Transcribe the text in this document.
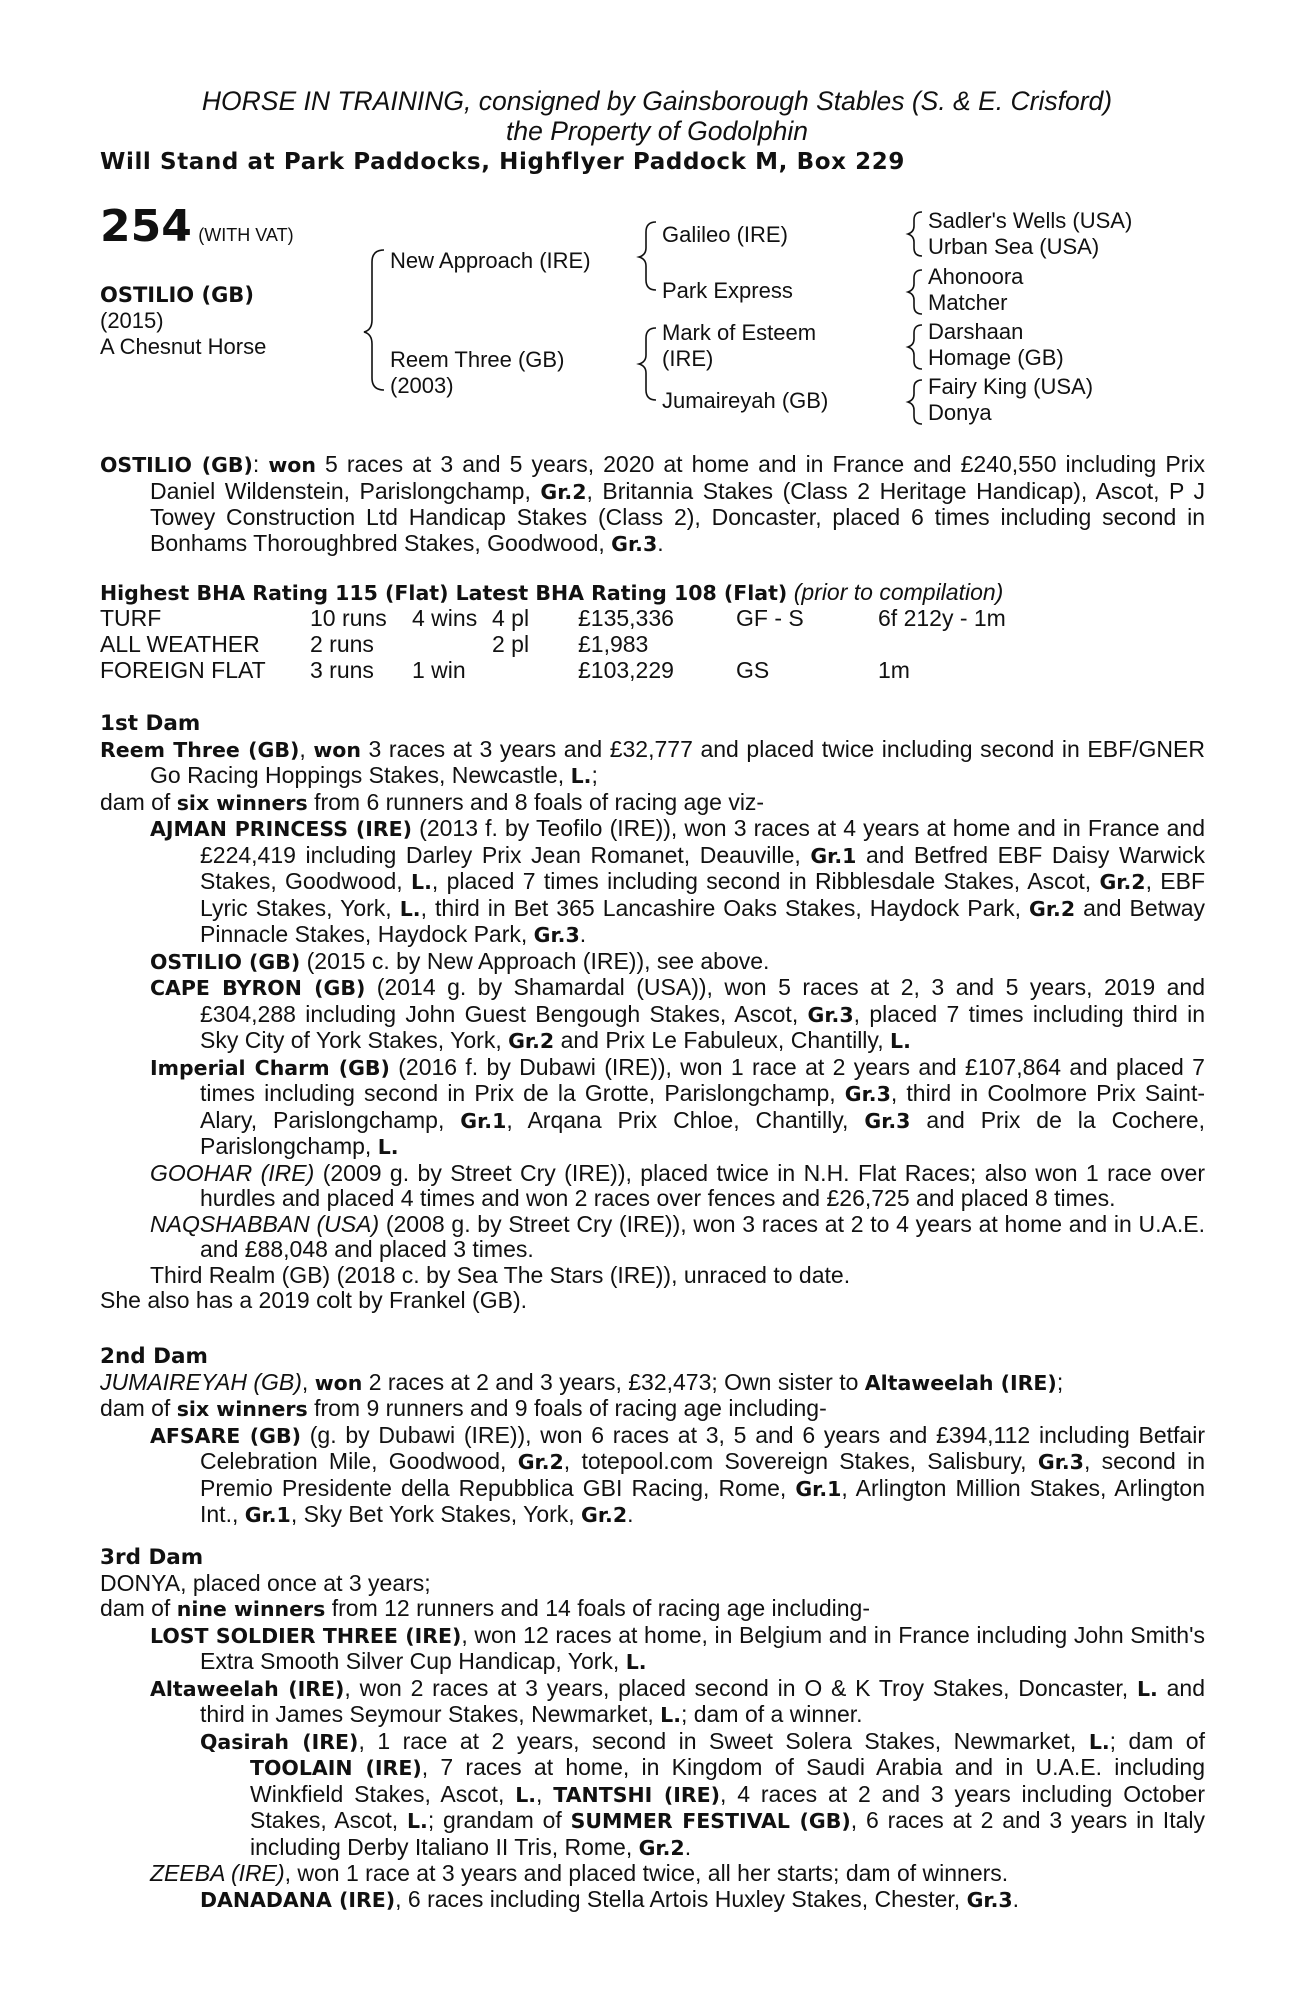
HORSE IN TRAINING, consigned by Gainsborough Stables (S. & E. Crisford)
the Property of Godolphin
Will Stand at Park Paddocks, Highflyer Paddock M, Box 229
254 (WITH VAT)
OSTILIO (GB)
(2015)
A Chesnut Horse
New Approach (IRE)
Reem Three (GB)
(2003)
Galileo (IRE)
Park Express
Mark of Esteem
(IRE)
Jumaireyah (GB)
Sadler's Wells (USA)
Urban Sea (USA)
Ahonoora
Matcher
Darshaan
Homage (GB)
Fairy King (USA)
Donya

OSTILIO (GB): won 5 races at 3 and 5 years, 2020 at home and in France and £240,550 including Prix Daniel Wildenstein, Parislongchamp, Gr.2, Britannia Stakes (Class 2 Heritage Handicap), Ascot, P J Towey Construction Ltd Handicap Stakes (Class 2), Doncaster, placed 6 times including second in Bonhams Thoroughbred Stakes, Goodwood, Gr.3.

Highest BHA Rating 115 (Flat) Latest BHA Rating 108 (Flat) (prior to compilation)

TURF	10 runs	4 wins	4 pl	£135,336	GF - S	6f 212y - 1m
ALL WEATHER	2 runs		2 pl	£1,983		
FOREIGN FLAT	3 runs	1 win		£103,229	GS	1m

1st Dam

Reem Three (GB), won 3 races at 3 years and £32,777 and placed twice including second in EBF/GNER Go Racing Hoppings Stakes, Newcastle, L.;

dam of six winners from 6 runners and 8 foals of racing age viz-

AJMAN PRINCESS (IRE) (2013 f. by Teofilo (IRE)), won 3 races at 4 years at home and in France and £224,419 including Darley Prix Jean Romanet, Deauville, Gr.1 and Betfred EBF Daisy Warwick Stakes, Goodwood, L., placed 7 times including second in Ribblesdale Stakes, Ascot, Gr.2, EBF Lyric Stakes, York, L., third in Bet 365 Lancashire Oaks Stakes, Haydock Park, Gr.2 and Betway Pinnacle Stakes, Haydock Park, Gr.3.

OSTILIO (GB) (2015 c. by New Approach (IRE)), see above.

CAPE BYRON (GB) (2014 g. by Shamardal (USA)), won 5 races at 2, 3 and 5 years, 2019 and £304,288 including John Guest Bengough Stakes, Ascot, Gr.3, placed 7 times including third in Sky City of York Stakes, York, Gr.2 and Prix Le Fabuleux, Chantilly, L.

Imperial Charm (GB) (2016 f. by Dubawi (IRE)), won 1 race at 2 years and £107,864 and placed 7 times including second in Prix de la Grotte, Parislongchamp, Gr.3, third in Coolmore Prix Saint-Alary, Parislongchamp, Gr.1, Arqana Prix Chloe, Chantilly, Gr.3 and Prix de la Cochere, Parislongchamp, L.

GOOHAR (IRE) (2009 g. by Street Cry (IRE)), placed twice in N.H. Flat Races; also won 1 race over hurdles and placed 4 times and won 2 races over fences and £26,725 and placed 8 times.

NAQSHABBAN (USA) (2008 g. by Street Cry (IRE)), won 3 races at 2 to 4 years at home and in U.A.E. and £88,048 and placed 3 times.

Third Realm (GB) (2018 c. by Sea The Stars (IRE)), unraced to date.

She also has a 2019 colt by Frankel (GB).

2nd Dam

JUMAIREYAH (GB), won 2 races at 2 and 3 years, £32,473; Own sister to Altaweelah (IRE);

dam of six winners from 9 runners and 9 foals of racing age including-

AFSARE (GB) (g. by Dubawi (IRE)), won 6 races at 3, 5 and 6 years and £394,112 including Betfair Celebration Mile, Goodwood, Gr.2, totepool.com Sovereign Stakes, Salisbury, Gr.3, second in Premio Presidente della Repubblica GBI Racing, Rome, Gr.1, Arlington Million Stakes, Arlington Int., Gr.1, Sky Bet York Stakes, York, Gr.2.

3rd Dam

DONYA, placed once at 3 years;

dam of nine winners from 12 runners and 14 foals of racing age including-

LOST SOLDIER THREE (IRE), won 12 races at home, in Belgium and in France including John Smith's Extra Smooth Silver Cup Handicap, York, L.

Altaweelah (IRE), won 2 races at 3 years, placed second in O & K Troy Stakes, Doncaster, L. and third in James Seymour Stakes, Newmarket, L.; dam of a winner.

Qasirah (IRE), 1 race at 2 years, second in Sweet Solera Stakes, Newmarket, L.; dam of TOOLAIN (IRE), 7 races at home, in Kingdom of Saudi Arabia and in U.A.E. including Winkfield Stakes, Ascot, L., TANTSHI (IRE), 4 races at 2 and 3 years including October Stakes, Ascot, L.; grandam of SUMMER FESTIVAL (GB), 6 races at 2 and 3 years in Italy including Derby Italiano II Tris, Rome, Gr.2.

ZEEBA (IRE), won 1 race at 3 years and placed twice, all her starts; dam of winners.

DANADANA (IRE), 6 races including Stella Artois Huxley Stakes, Chester, Gr.3.
